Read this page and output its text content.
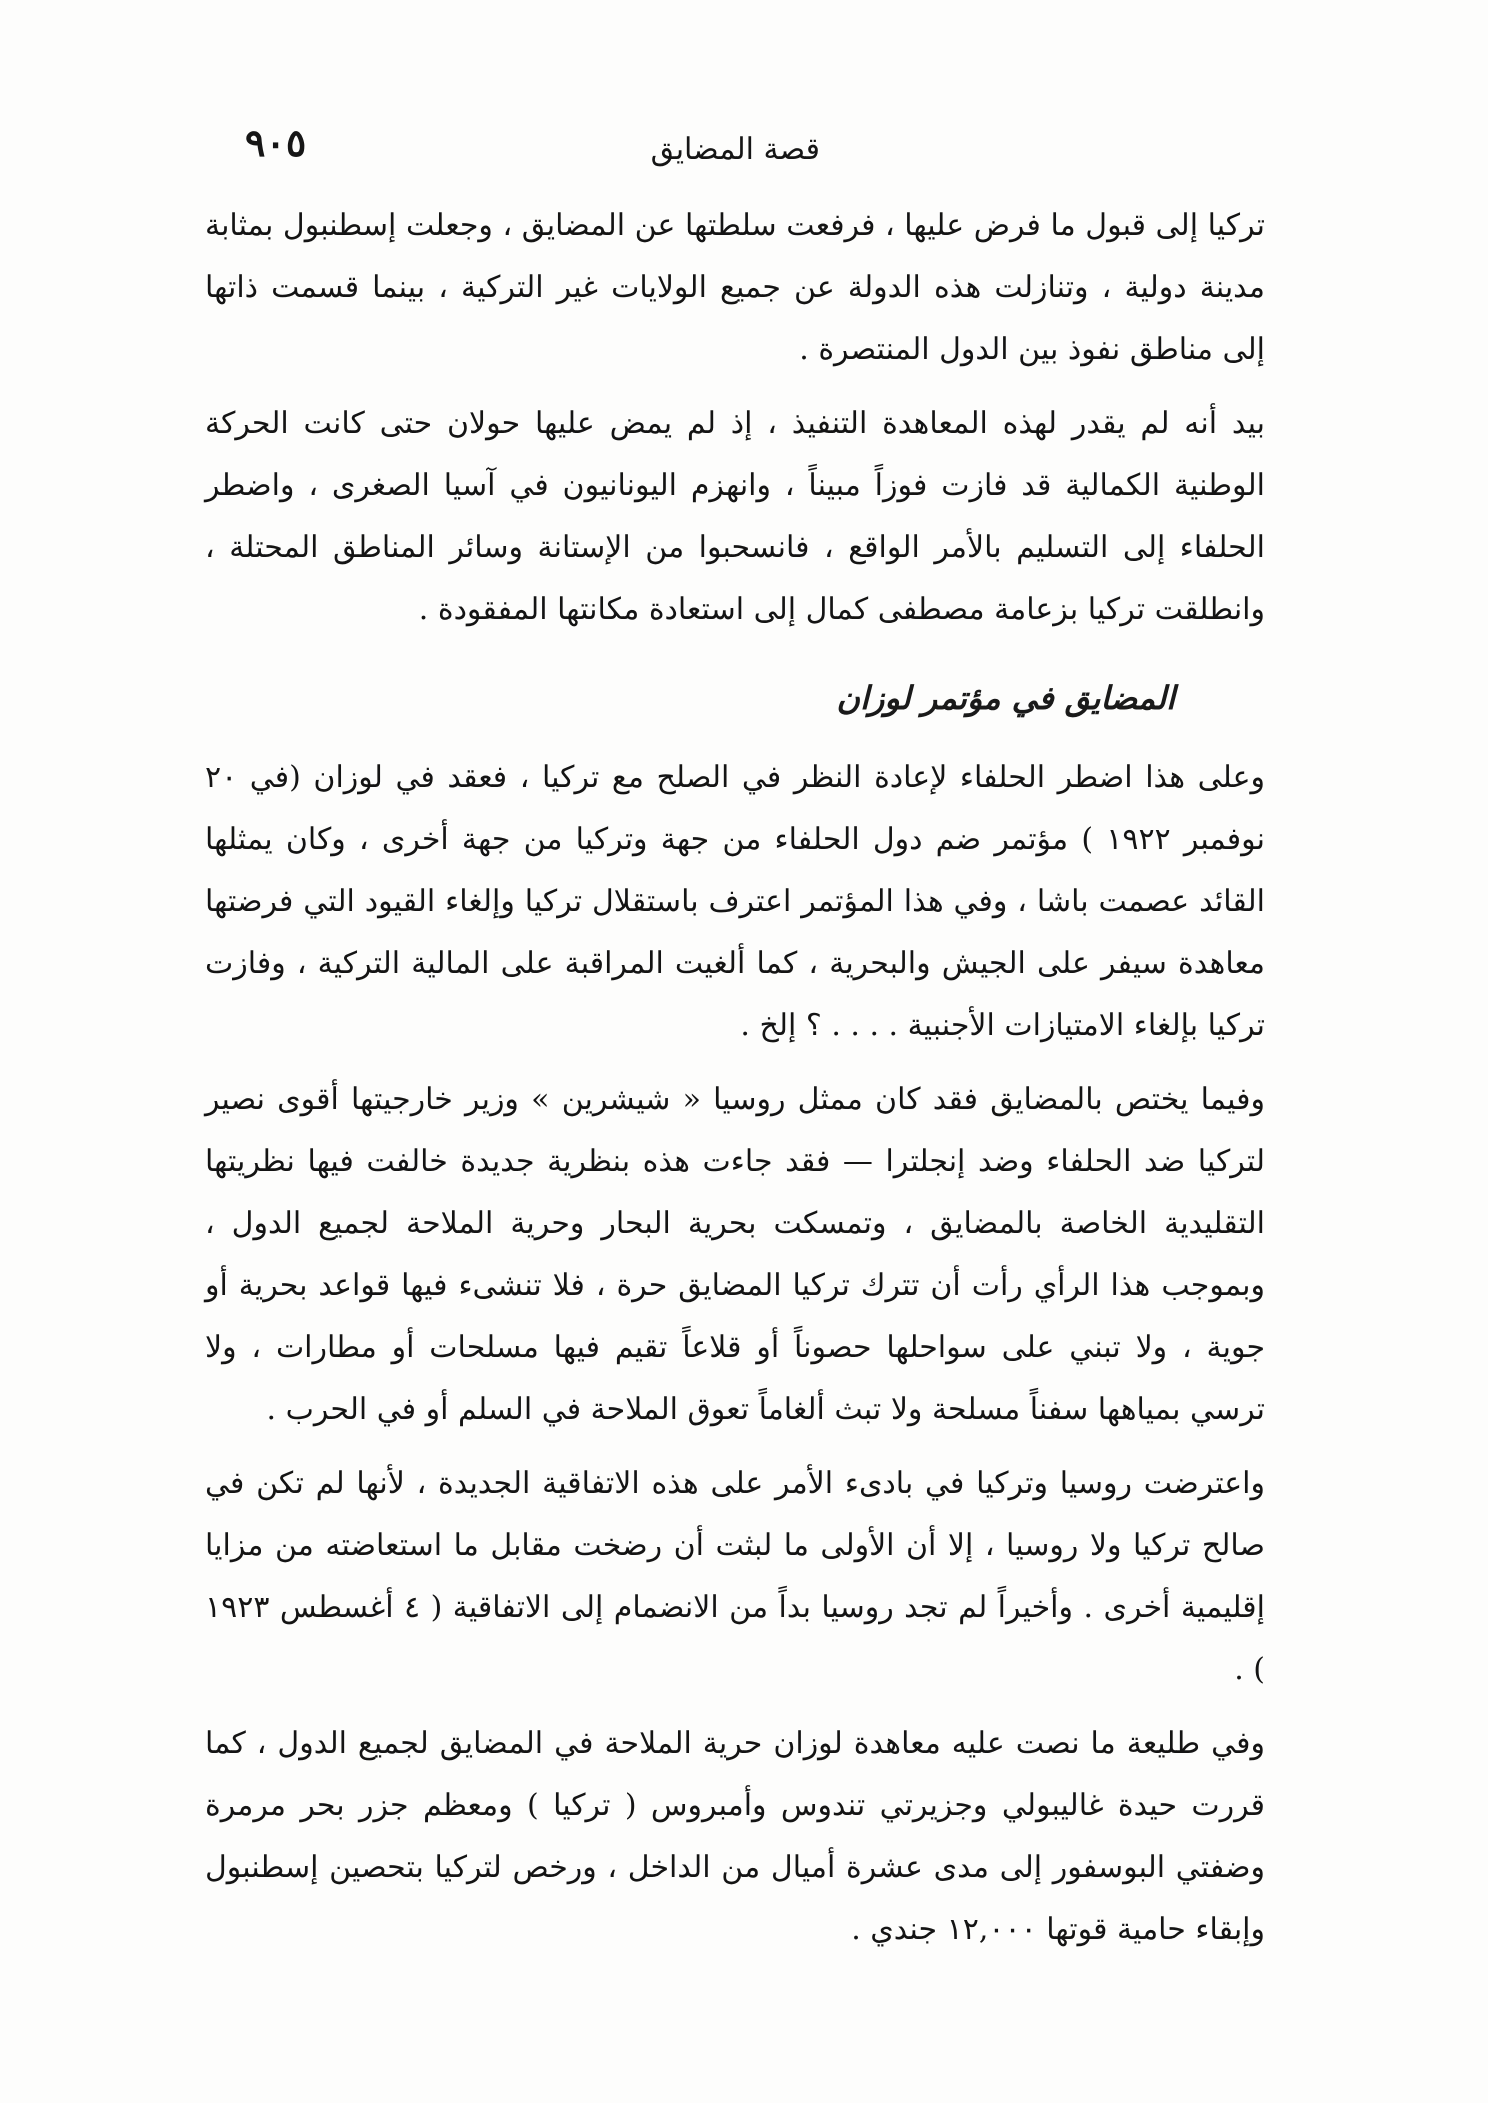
قصة المضايق
٩٠٥

تركيا إلى قبول ما فرض عليها ، فرفعت سلطتها عن المضايق ، وجعلت إسطنبول بمثابة مدينة دولية ، وتنازلت هذه الدولة عن جميع الولايات غير التركية ، بينما قسمت ذاتها إلى مناطق نفوذ بين الدول المنتصرة .

بيد أنه لم يقدر لهذه المعاهدة التنفيذ ، إذ لم يمض عليها حولان حتى كانت الحركة الوطنية الكمالية قد فازت فوزاً مبيناً ، وانهزم اليونانيون في آسيا الصغرى ، واضطر الحلفاء إلى التسليم بالأمر الواقع ، فانسحبوا من الإستانة وسائر المناطق المحتلة ، وانطلقت تركيا بزعامة مصطفى كمال إلى استعادة مكانتها المفقودة .

المضايق في مؤتمر لوزان

وعلى هذا اضطر الحلفاء لإعادة النظر في الصلح مع تركيا ، فعقد في لوزان (في ٢٠ نوفمبر ١٩٢٢ ) مؤتمر ضم دول الحلفاء من جهة وتركيا من جهة أخرى ، وكان يمثلها القائد عصمت باشا ، وفي هذا المؤتمر اعترف باستقلال تركيا وإلغاء القيود التي فرضتها معاهدة سيفر على الجيش والبحرية ، كما ألغيت المراقبة على المالية التركية ، وفازت تركيا بإلغاء الامتيازات الأجنبية . . . . ؟ إلخ .

وفيما يختص بالمضايق فقد كان ممثل روسيا « شيشرين » وزير خارجيتها أقوى نصير لتركيا ضد الحلفاء وضد إنجلترا — فقد جاءت هذه بنظرية جديدة خالفت فيها نظريتها التقليدية الخاصة بالمضايق ، وتمسكت بحرية البحار وحرية الملاحة لجميع الدول ، وبموجب هذا الرأي رأت أن تترك تركيا المضايق حرة ، فلا تنشىء فيها قواعد بحرية أو جوية ، ولا تبني على سواحلها حصوناً أو قلاعاً تقيم فيها مسلحات أو مطارات ، ولا ترسي بمياهها سفناً مسلحة ولا تبث ألغاماً تعوق الملاحة في السلم أو في الحرب .

واعترضت روسيا وتركيا في بادىء الأمر على هذه الاتفاقية الجديدة ، لأنها لم تكن في صالح تركيا ولا روسيا ، إلا أن الأولى ما لبثت أن رضخت مقابل ما استعاضته من مزايا إقليمية أخرى . وأخيراً لم تجد روسيا بداً من الانضمام إلى الاتفاقية ( ٤ أغسطس ١٩٢٣ ) .

وفي طليعة ما نصت عليه معاهدة لوزان حرية الملاحة في المضايق لجميع الدول ، كما قررت حيدة غاليبولي وجزيرتي تندوس وأمبروس ( تركيا ) ومعظم جزر بحر مرمرة وضفتي البوسفور إلى مدى عشرة أميال من الداخل ، ورخص لتركيا بتحصين إسطنبول وإبقاء حامية قوتها ١٢,٠٠٠ جندي .
